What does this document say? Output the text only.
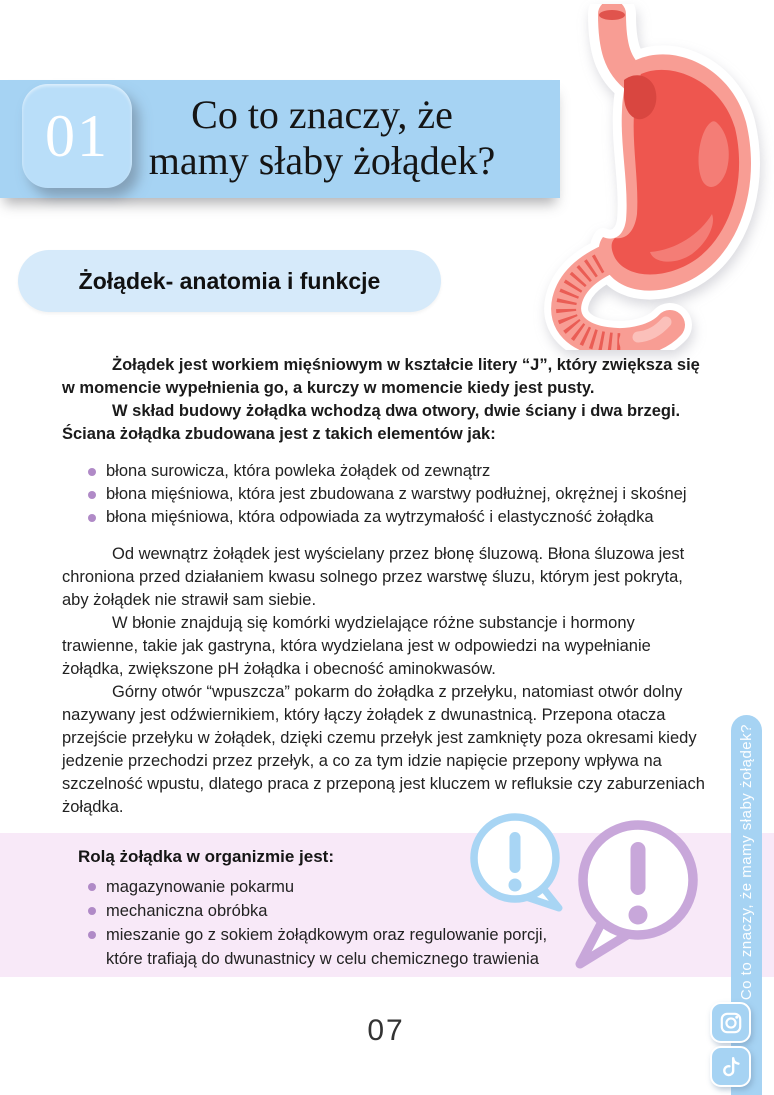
Co to znaczy, że
mamy słaby żołądek?
01
Żołądek- anatomia i funkcje

Żołądek jest workiem mięśniowym w kształcie litery “J”, który zwiększa się w momencie wypełnienia go, a kurczy w momencie kiedy jest pusty.

W skład budowy żołądka wchodzą dwa otwory, dwie ściany i dwa brzegi. Ściana żołądka zbudowana jest z takich elementów jak:

błona surowicza, która powleka żołądek od zewnątrz
błona mięśniowa, która jest zbudowana z warstwy podłużnej, okrężnej i skośnej
błona mięśniowa, która odpowiada za wytrzymałość i elastyczność żołądka

Od wewnątrz żołądek jest wyścielany przez błonę śluzową. Błona śluzowa jest chroniona przed działaniem kwasu solnego przez warstwę śluzu, którym jest pokryta, aby żołądek nie strawił sam siebie.

W błonie znajdują się komórki wydzielające różne substancje i hormony trawienne, takie jak gastryna, która wydzielana jest w odpowiedzi na wypełnianie żołądka, zwiększone pH żołądka i obecność aminokwasów.

Górny otwór “wpuszcza” pokarm do żołądka z przełyku, natomiast otwór dolny nazywany jest odźwiernikiem, który łączy żołądek z dwunastnicą. Przepona otacza przejście przełyku w żołądek, dzięki czemu przełyk jest zamknięty poza okresami kiedy jedzenie przechodzi przez przełyk, a co za tym idzie napięcie przepony wpływa na szczelność wpustu, dlatego praca z przeponą jest kluczem w refluksie czy zaburzeniach żołądka.

Rolą żołądka w organizmie jest:
magazynowanie pokarmu
mechaniczna obróbka
mieszanie go z sokiem żołądkowym oraz regulowanie porcji, które trafiają do dwunastnicy w celu chemicznego trawienia	Co to znaczy, że mamy słaby żołądek?
07
